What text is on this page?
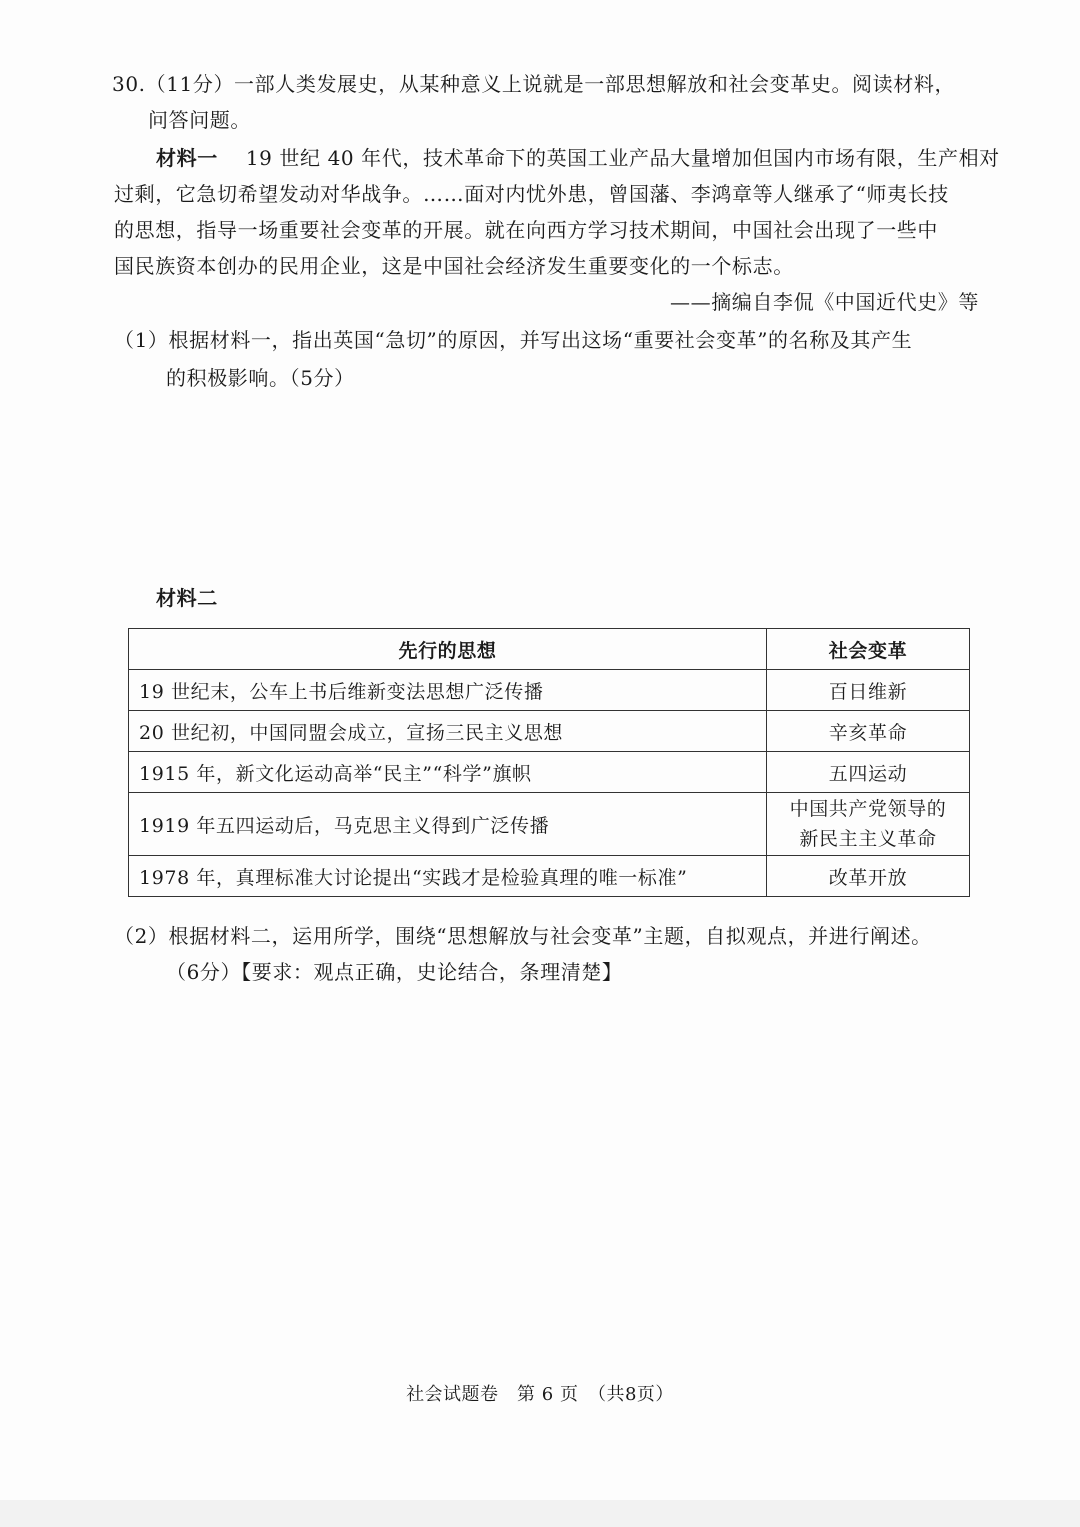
30.（11分）一部人类发展史，从某种意义上说就是一部思想解放和社会变革史。阅读材料，
问答问题。
材料一 19 世纪 40 年代，技术革命下的英国工业产品大量增加但国内市场有限，生产相对
过剩，它急切希望发动对华战争。……面对内忧外患，曾国藩、李鸿章等人继承了“师夷长技
的思想，指导一场重要社会变革的开展。就在向西方学习技术期间，中国社会出现了一些中
国民族资本创办的民用企业，这是中国社会经济发生重要变化的一个标志。
——摘编自李侃《中国近代史》等
（1）根据材料一，指出英国“急切”的原因，并写出这场“重要社会变革”的名称及其产生
的积极影响。（5分）
材料二
先行的思想	社会变革
19 世纪末，公车上书后维新变法思想广泛传播	百日维新
20 世纪初，中国同盟会成立，宣扬三民主义思想	辛亥革命
1915 年，新文化运动高举“民主”“科学”旗帜	五四运动
1919 年五四运动后，马克思主义得到广泛传播	中国共产党领导的
新民主主义革命

1978 年，真理标准大讨论提出“实践才是检验真理的唯一标准”	改革开放
（2）根据材料二，运用所学，围绕“思想解放与社会变革”主题，自拟观点，并进行阐述。
（6分）【要求：观点正确，史论结合，条理清楚】
社会试题卷　第 6 页　（共8页）
